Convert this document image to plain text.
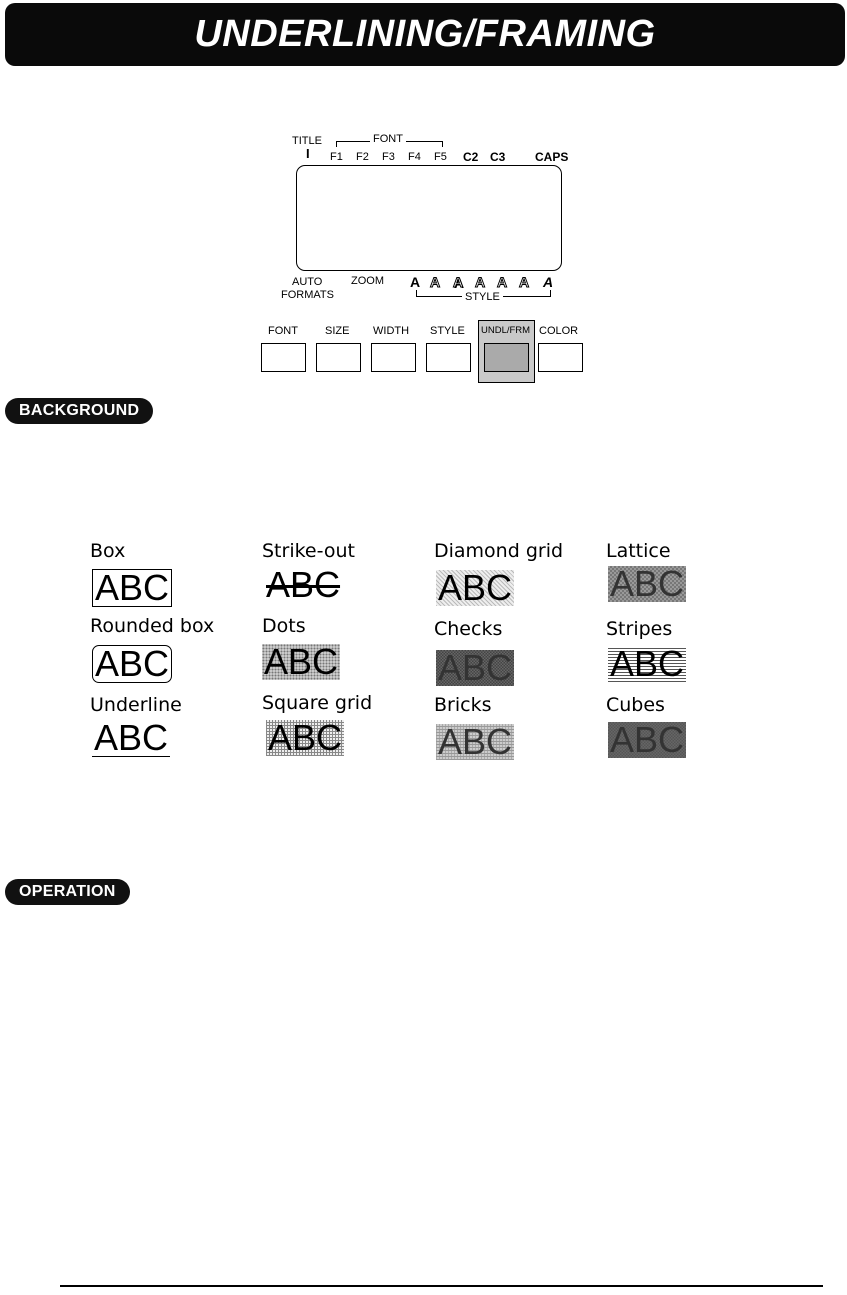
UNDERLINING/FRAMING
TITLE
I
FONT
F1 F2 F3 F4 F5 C2 C3 CAPS
AUTO
FORMATS
ZOOM A A A A A A A
STYLE
FONT SIZE WIDTH STYLE UNDL/FRM COLOR
BACKGROUND
Box
ABC
Rounded box
ABC
Underline
ABC
Strike-out
ABC
Dots
ABC
Square grid
ABC
Diamond grid
ABC
Checks
ABC
Bricks
ABC
Lattice
ABC
Stripes
ABC
Cubes
ABC
OPERATION
